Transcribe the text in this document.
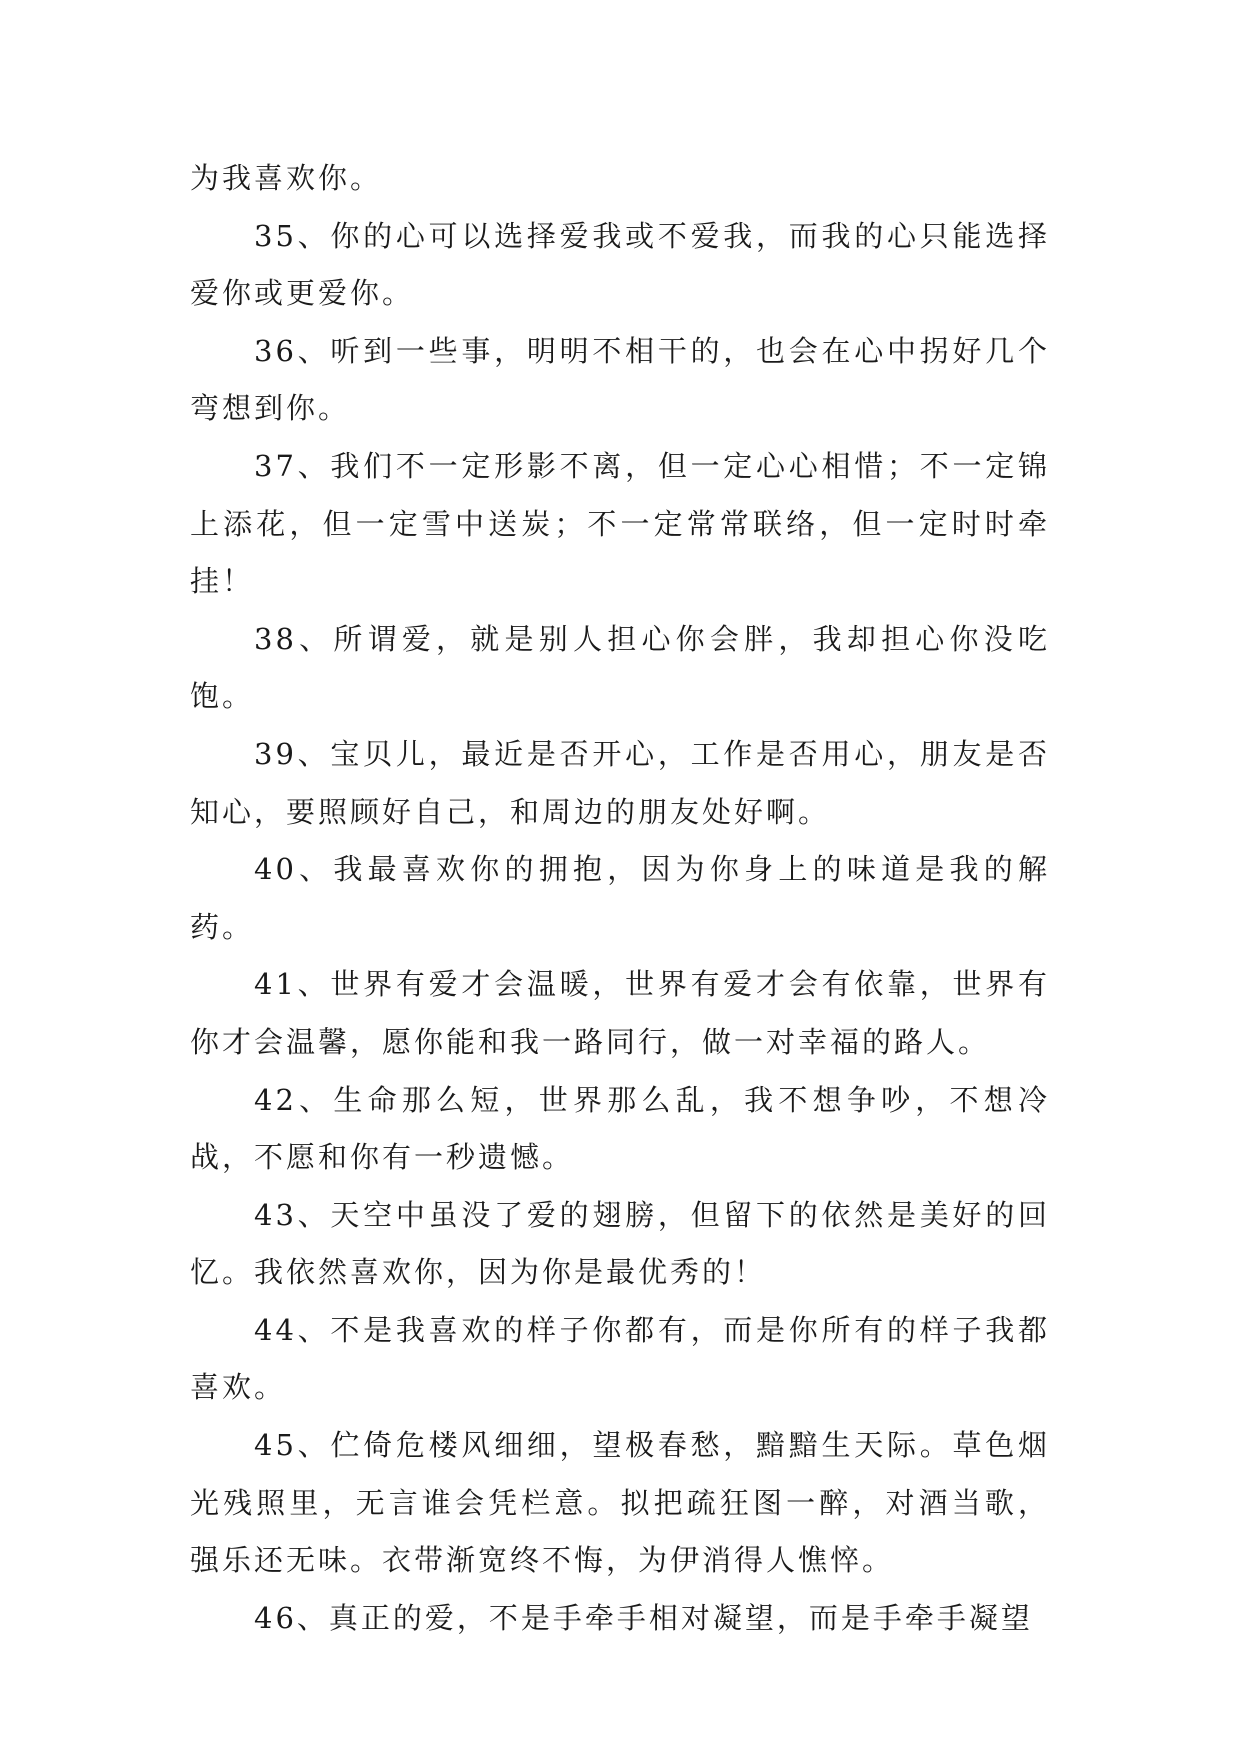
为我喜欢你。

35、你的心可以选择爱我或不爱我，而我的心只能选择爱你或更爱你。

36、听到一些事，明明不相干的，也会在心中拐好几个弯想到你。

37、我们不一定形影不离，但一定心心相惜；不一定锦上添花，但一定雪中送炭；不一定常常联络，但一定时时牵挂！

38、所谓爱，就是别人担心你会胖，我却担心你没吃饱。

39、宝贝儿，最近是否开心，工作是否用心，朋友是否知心，要照顾好自己，和周边的朋友处好啊。

40、我最喜欢你的拥抱，因为你身上的味道是我的解药。

41、世界有爱才会温暖，世界有爱才会有依靠，世界有你才会温馨，愿你能和我一路同行，做一对幸福的路人。

42、生命那么短，世界那么乱，我不想争吵，不想冷战，不愿和你有一秒遗憾。

43、天空中虽没了爱的翅膀，但留下的依然是美好的回忆。我依然喜欢你，因为你是最优秀的！

44、不是我喜欢的样子你都有，而是你所有的样子我都喜欢。

45、伫倚危楼风细细，望极春愁，黯黯生天际。草色烟光残照里，无言谁会凭栏意。拟把疏狂图一醉，对酒当歌，强乐还无味。衣带渐宽终不悔，为伊消得人憔悴。

46、真正的爱，不是手牵手相对凝望，而是手牵手凝望
